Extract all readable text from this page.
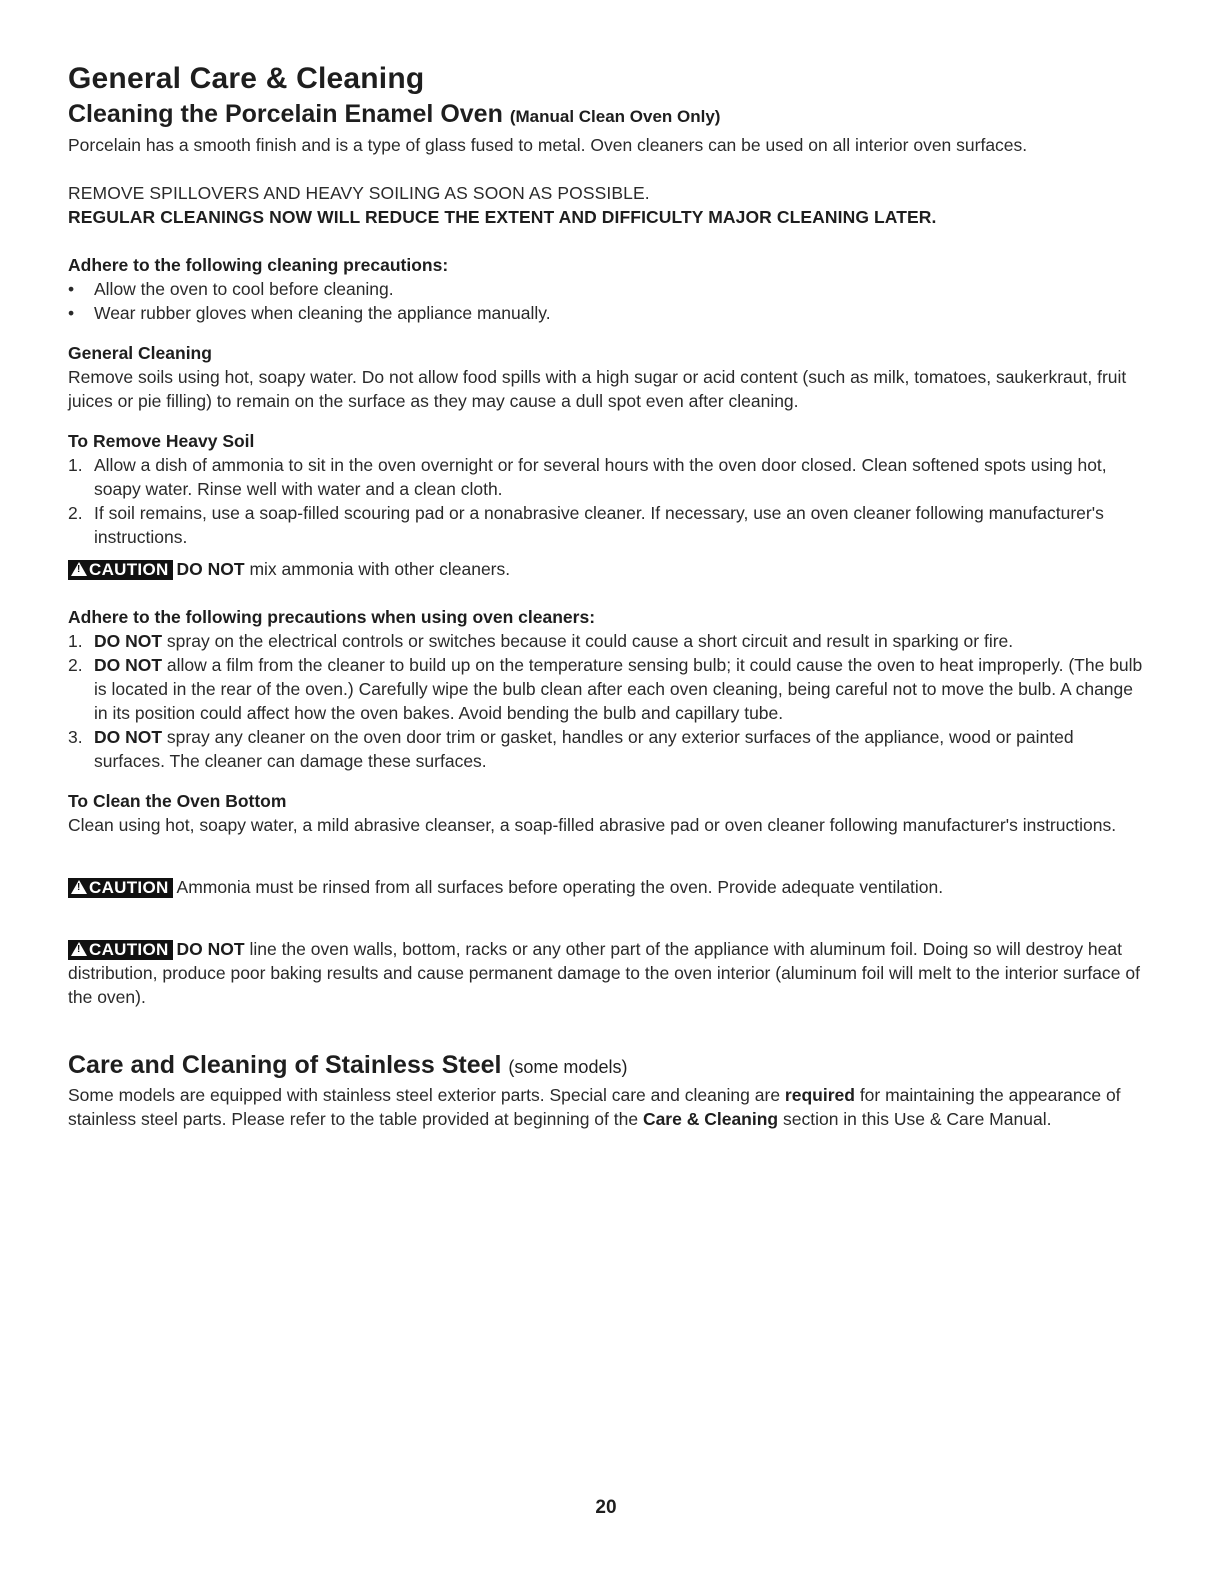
General Care & Cleaning
Cleaning the Porcelain Enamel Oven (Manual Clean Oven Only)

Porcelain has a smooth finish and is a type of glass fused to metal. Oven cleaners can be used on all interior oven surfaces.

REMOVE SPILLOVERS AND HEAVY SOILING AS SOON AS POSSIBLE.

REGULAR CLEANINGS NOW WILL REDUCE THE EXTENT AND DIFFICULTY MAJOR CLEANING LATER.

Adhere to the following cleaning precautions:

•	Allow the oven to cool before cleaning.
•	Wear rubber gloves when cleaning the appliance manually.

General Cleaning

Remove soils using hot, soapy water. Do not allow food spills with a high sugar or acid content (such as milk, tomatoes, saukerkraut, fruit juices or pie filling) to remain on the surface as they may cause a dull spot even after cleaning.

To Remove Heavy Soil

1. Allow a dish of ammonia to sit in the oven overnight or for several hours with the oven door closed. Clean softened spots using hot, soapy water. Rinse well with water and a clean cloth.
2. If soil remains, use a soap-filled scouring pad or a nonabrasive cleaner. If necessary, use an oven cleaner following manufacturer's instructions.

!CAUTION DO NOT mix ammonia with other cleaners.

Adhere to the following precautions when using oven cleaners:

1. DO NOT spray on the electrical controls or switches because it could cause a short circuit and result in sparking or fire.
2. DO NOT allow a film from the cleaner to build up on the temperature sensing bulb; it could cause the oven to heat improperly. (The bulb is located in the rear of the oven.) Carefully wipe the bulb clean after each oven cleaning, being careful not to move the bulb. A change in its position could affect how the oven bakes. Avoid bending the bulb and capillary tube.
3. DO NOT spray any cleaner on the oven door trim or gasket, handles or any exterior surfaces of the appliance, wood or painted surfaces. The cleaner can damage these surfaces.

To Clean the Oven Bottom

Clean using hot, soapy water, a mild abrasive cleanser, a soap-filled abrasive pad or oven cleaner following manufacturer's instructions.

!CAUTION Ammonia must be rinsed from all surfaces before operating the oven. Provide adequate ventilation.

!CAUTION DO NOT line the oven walls, bottom, racks or any other part of the appliance with aluminum foil. Doing so will destroy heat distribution, produce poor baking results and cause permanent damage to the oven interior (aluminum foil will melt to the interior surface of the oven).

Care and Cleaning of Stainless Steel (some models)

Some models are equipped with stainless steel exterior parts. Special care and cleaning are required for maintaining the appearance of stainless steel parts. Please refer to the table provided at beginning of the Care & Cleaning section in this Use & Care Manual.

20
